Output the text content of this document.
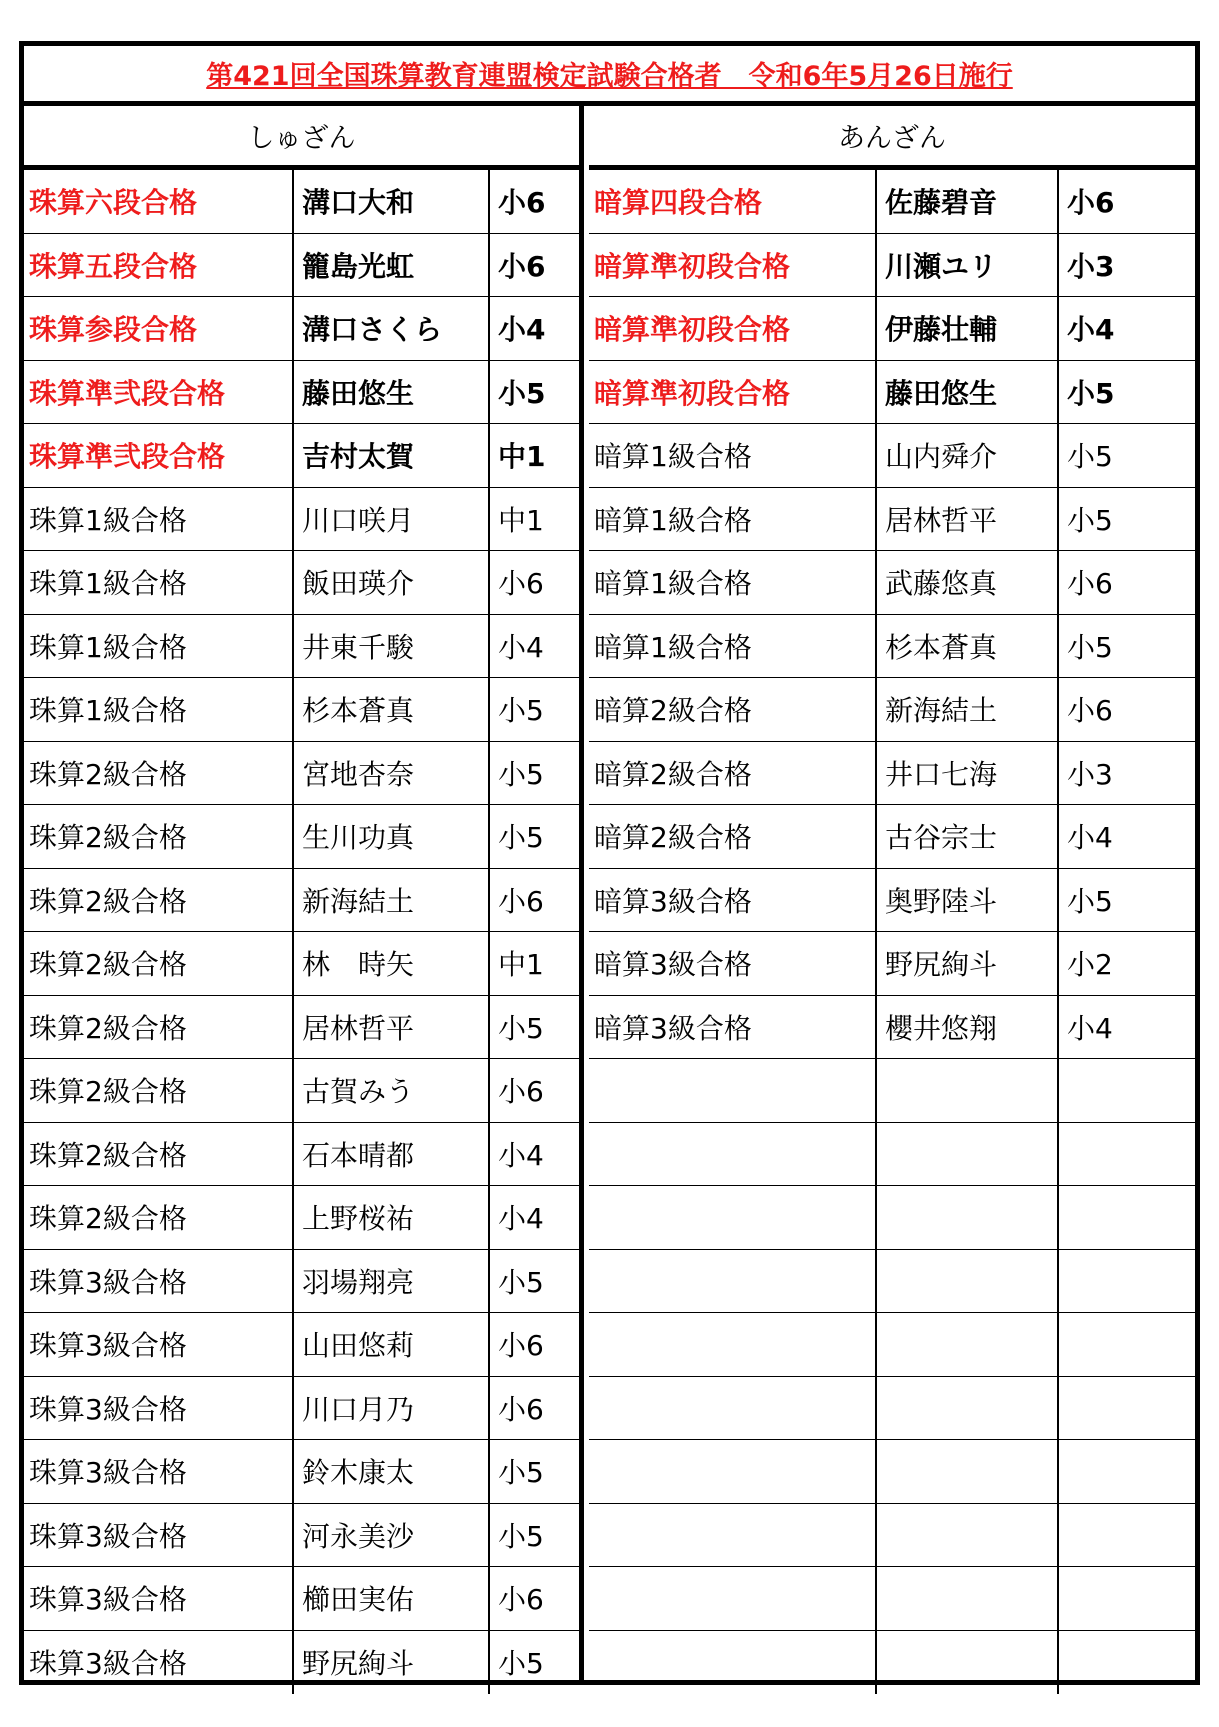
第421回全国珠算教育連盟検定試験合格者　令和6年5月26日施行
しゅざん
珠算六段合格	溝口大和	小6
珠算五段合格	籠島光虹	小6
珠算参段合格	溝口さくら	小4
珠算準弐段合格	藤田悠生	小5
珠算準弐段合格	吉村太賀	中1
珠算1級合格	川口咲月	中1
珠算1級合格	飯田瑛介	小6
珠算1級合格	井東千駿	小4
珠算1級合格	杉本蒼真	小5
珠算2級合格	宮地杏奈	小5
珠算2級合格	生川功真	小5
珠算2級合格	新海結土	小6
珠算2級合格	林　時矢	中1
珠算2級合格	居林哲平	小5
珠算2級合格	古賀みう	小6
珠算2級合格	石本晴都	小4
珠算2級合格	上野桜祐	小4
珠算3級合格	羽場翔亮	小5
珠算3級合格	山田悠莉	小6
珠算3級合格	川口月乃	小6
珠算3級合格	鈴木康太	小5
珠算3級合格	河永美沙	小5
珠算3級合格	櫛田実佑	小6
珠算3級合格	野尻絢斗	小5
あんざん
暗算四段合格	佐藤碧音	小6
暗算準初段合格	川瀬ユリ	小3
暗算準初段合格	伊藤壮輔	小4
暗算準初段合格	藤田悠生	小5
暗算1級合格	山内舜介	小5
暗算1級合格	居林哲平	小5
暗算1級合格	武藤悠真	小6
暗算1級合格	杉本蒼真	小5
暗算2級合格	新海結土	小6
暗算2級合格	井口七海	小3
暗算2級合格	古谷宗士	小4
暗算3級合格	奥野陸斗	小5
暗算3級合格	野尻絢斗	小2
暗算3級合格	櫻井悠翔	小4
